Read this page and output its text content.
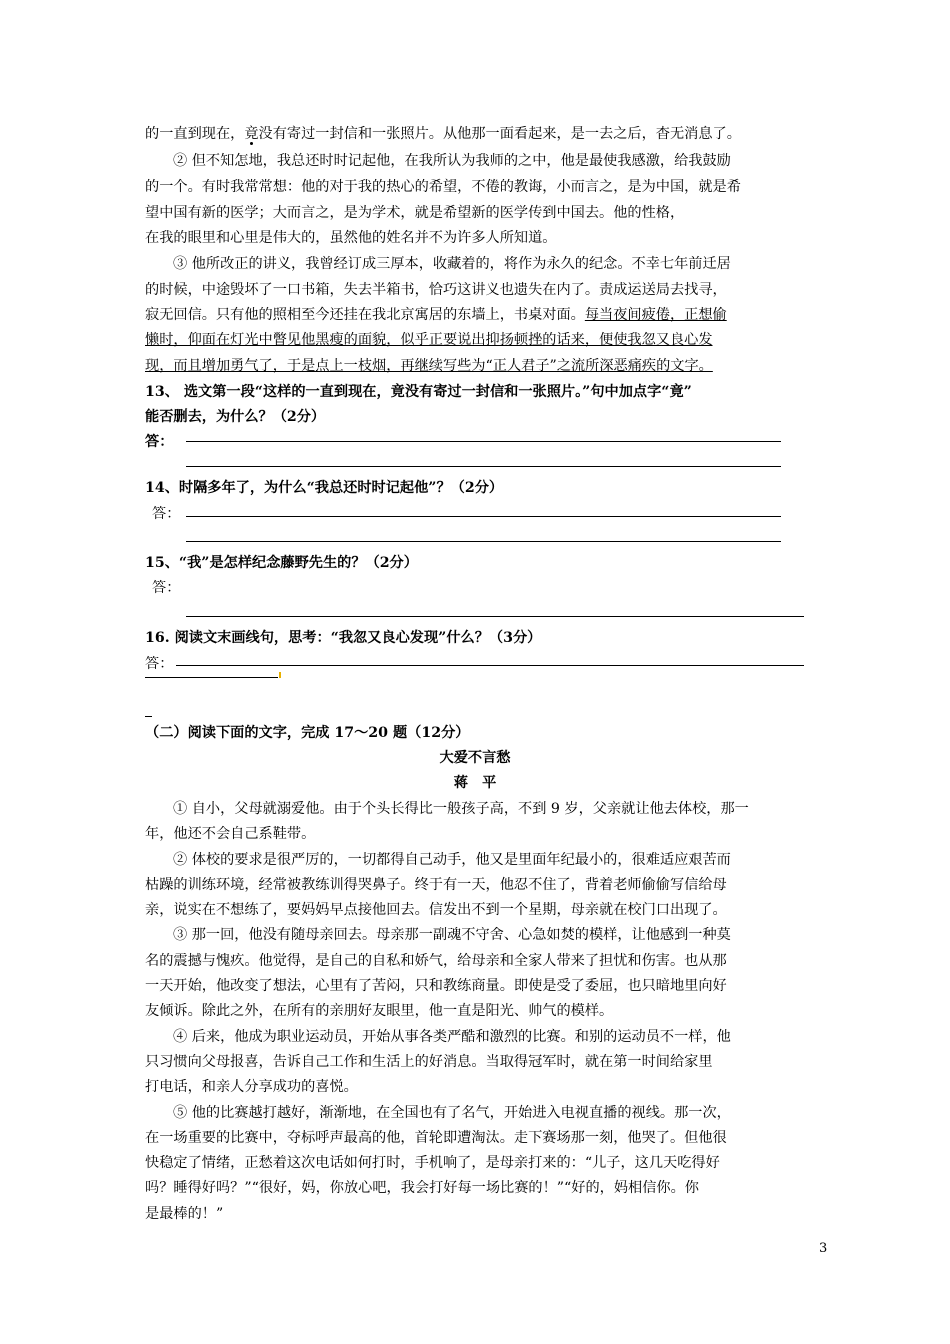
的一直到现在，竟没有寄过一封信和一张照片。从他那一面看起来，是一去之后，杳无消息了。
② 但不知怎地，我总还时时记起他，在我所认为我师的之中，他是最使我感激，给我鼓励
的一个。有时我常常想：他的对于我的热心的希望，不倦的教诲，小而言之，是为中国，就是希
望中国有新的医学；大而言之，是为学术，就是希望新的医学传到中国去。他的性格，
在我的眼里和心里是伟大的，虽然他的姓名并不为许多人所知道。
③ 他所改正的讲义，我曾经订成三厚本，收藏着的，将作为永久的纪念。不幸七年前迁居
的时候，中途毁坏了一口书箱，失去半箱书，恰巧这讲义也遗失在内了。责成运送局去找寻，
寂无回信。只有他的照相至今还挂在我北京寓居的东墙上，书桌对面。每当夜间疲倦，正想偷
懒时，仰面在灯光中瞥见他黑瘦的面貌，似乎正要说出抑扬顿挫的话来，便使我忽又良心发
现，而且增加勇气了，于是点上一枝烟，再继续写些为“正人君子”之流所深恶痛疾的文字。
13、 选文第一段“这样的一直到现在，竟没有寄过一封信和一张照片。”句中加点字“竟”
能否删去，为什么？（2分）
答：
14、时隔多年了，为什么“我总还时时记起他”？（2分）
答：
15、“我”是怎样纪念藤野先生的？（2分）
答：
16. 阅读文末画线句，思考：“我忽又良心发现”什么？（3分）
答：
（二）阅读下面的文字，完成 17～20 题（12分）
大爱不言愁
蒋　平
① 自小，父母就溺爱他。由于个头长得比一般孩子高，不到 9 岁，父亲就让他去体校，那一
年，他还不会自己系鞋带。
② 体校的要求是很严厉的，一切都得自己动手，他又是里面年纪最小的，很难适应艰苦而
枯躁的训练环境，经常被教练训得哭鼻子。终于有一天，他忍不住了，背着老师偷偷写信给母
亲，说实在不想练了，要妈妈早点接他回去。信发出不到一个星期，母亲就在校门口出现了。
③ 那一回，他没有随母亲回去。母亲那一副魂不守舍、心急如焚的模样，让他感到一种莫
名的震撼与愧疚。他觉得，是自己的自私和娇气，给母亲和全家人带来了担忧和伤害。也从那
一天开始，他改变了想法，心里有了苦闷，只和教练商量。即使是受了委屈，也只暗地里向好
友倾诉。除此之外，在所有的亲朋好友眼里，他一直是阳光、帅气的模样。
④ 后来，他成为职业运动员，开始从事各类严酷和激烈的比赛。和别的运动员不一样，他
只习惯向父母报喜，告诉自己工作和生活上的好消息。当取得冠军时，就在第一时间给家里
打电话，和亲人分享成功的喜悦。
⑤ 他的比赛越打越好，渐渐地，在全国也有了名气，开始进入电视直播的视线。那一次，
在一场重要的比赛中，夺标呼声最高的他，首轮即遭淘汰。走下赛场那一刻，他哭了。但他很
快稳定了情绪，正愁着这次电话如何打时，手机响了，是母亲打来的：“儿子，这几天吃得好
吗？睡得好吗？”“很好，妈，你放心吧，我会打好每一场比赛的！”“好的，妈相信你。你
是最棒的！”
3
